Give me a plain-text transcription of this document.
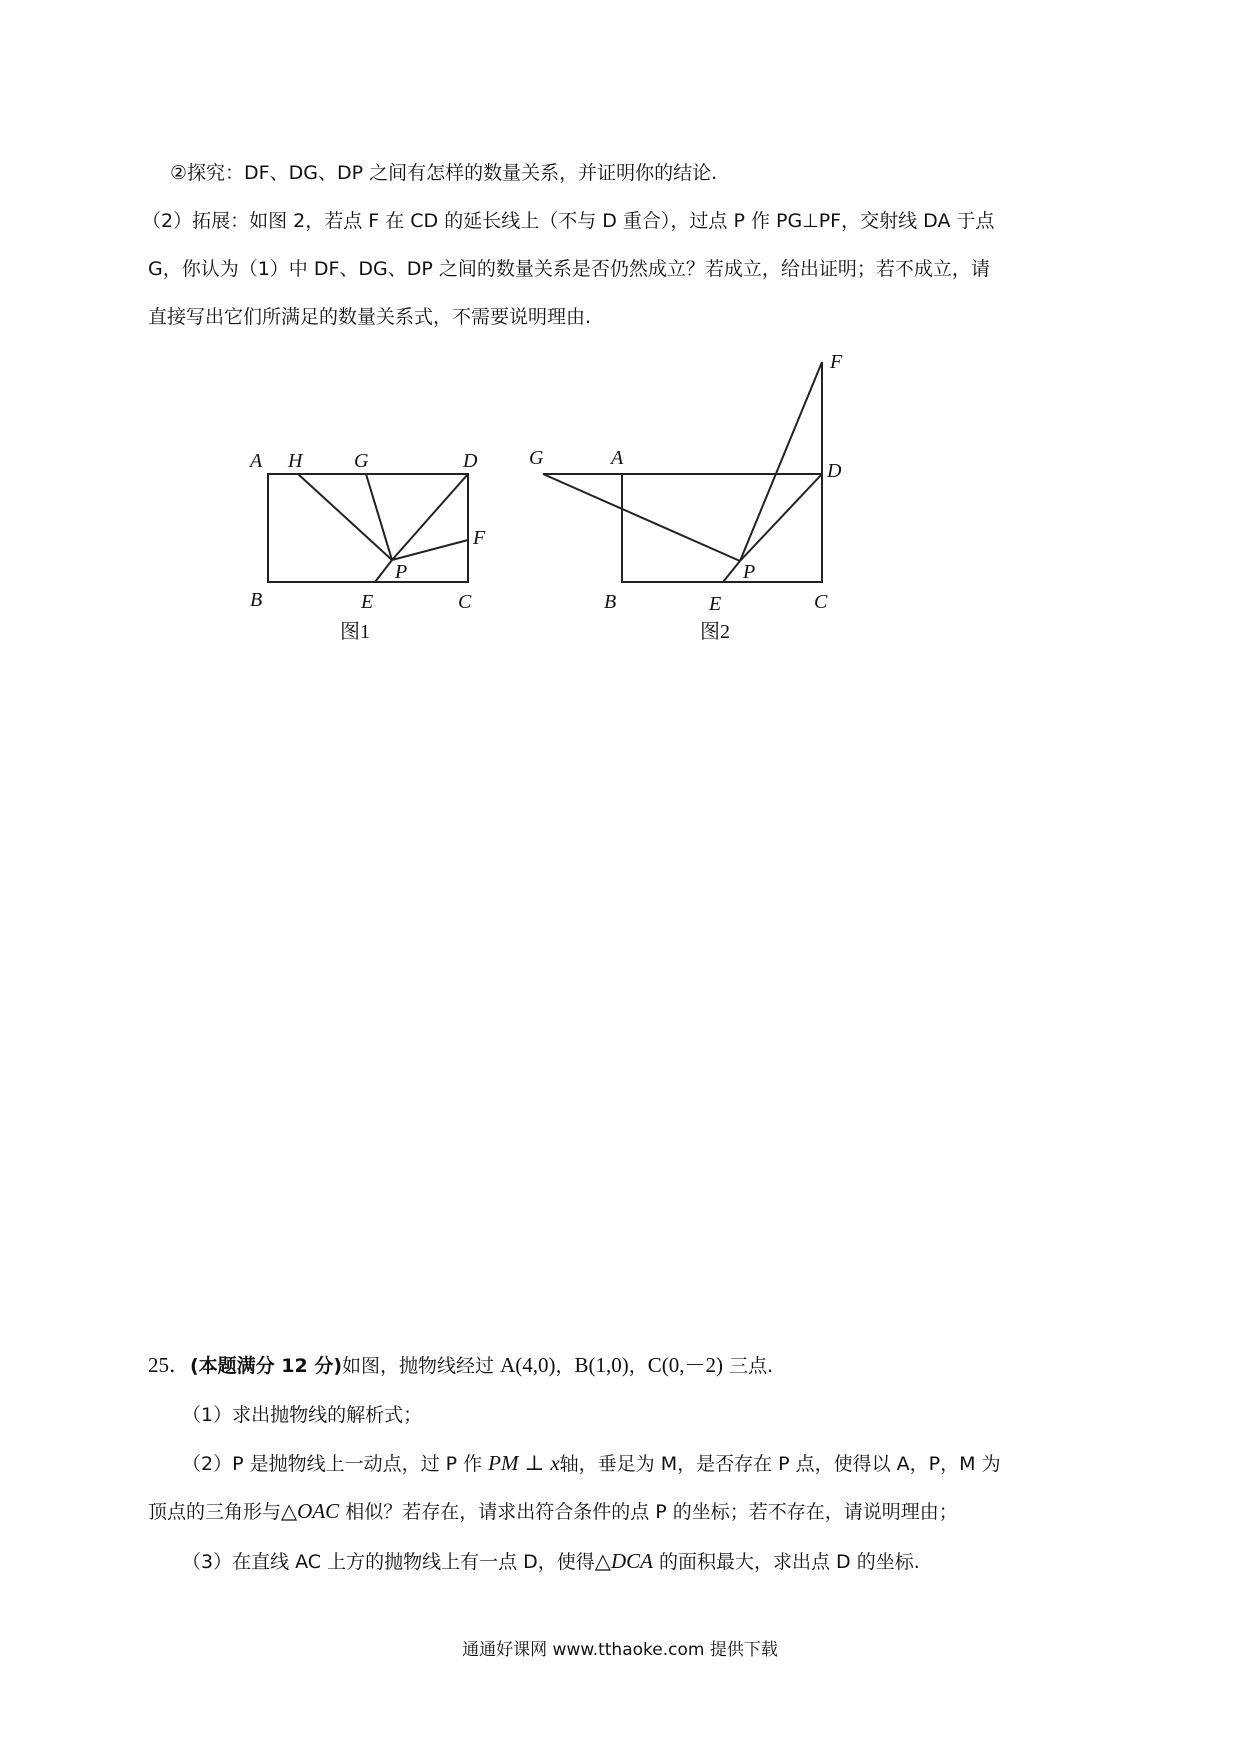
②探究：DF、DG、DP 之间有怎样的数量关系，并证明你的结论.
（2）拓展：如图 2，若点 F 在 CD 的延长线上（不与 D 重合），过点 P 作 PG⊥PF，交射线 DA 于点
G，你认为（1）中 DF、DG、DP 之间的数量关系是否仍然成立？若成立，给出证明；若不成立，请
直接写出它们所满足的数量关系式，不需要说明理由.
A H	G	D
F
P
B	E	C
F
G	A
D
P
B	E	C
图1	图2
25．(本题满分 12 分)如图，抛物线经过 A(4,0)，B(1,0)，C(0,－2) 三点.
（1）求出抛物线的解析式；
（2）P 是抛物线上一动点，过 P 作 PM ⊥ x轴，垂足为 M，是否存在 P 点，使得以 A，P，M 为
顶点的三角形与△OAC 相似？若存在，请求出符合条件的点 P 的坐标；若不存在，请说明理由；
（3）在直线 AC 上方的抛物线上有一点 D，使得△DCA 的面积最大，求出点 D 的坐标.
通通好课网 www.tthaoke.com 提供下载
